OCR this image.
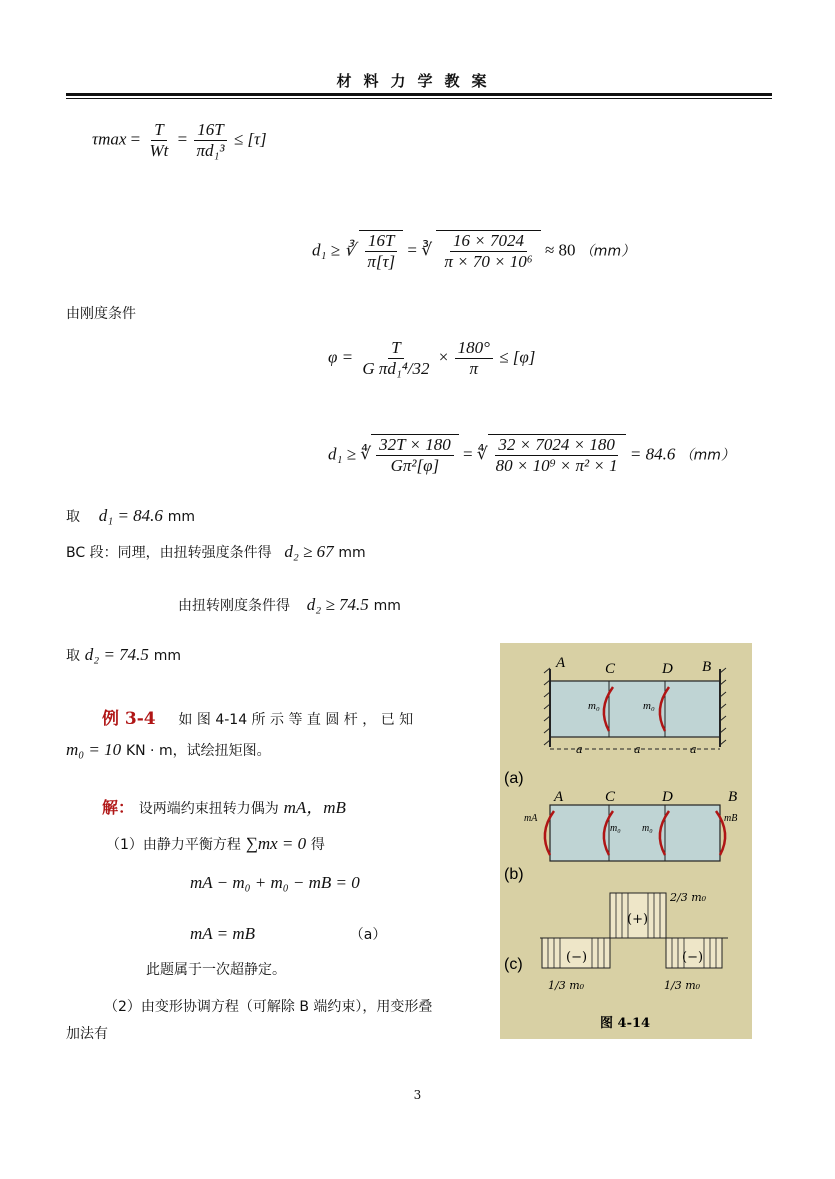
材料力学教案
$\tau\max = \frac{T}{Wt} = \frac{16T}{\text{πd₁³}} \le [\tau]$
d₁ ≥ ∛ $\frac{16T}{\pi[\tau]}$ = ∛ $\frac{16 \times 7024}{\text{π × 70 × 10⁶}} \approx 80$ （mm）
由刚度条件
$\varphi = \frac{T}{\text{G πd₁⁴/32}} \times \frac{180^\circ}{\pi} \le [\varphi]$
d₁ ≥ ∜ $\frac{32T \times 180}{\text{Gπ²[φ]}}$ = ∜ $\frac{32 \times 7024 \times 180}{\text{80 × 10⁹ × π² × 1}} = 84.6$ （mm）
取 d₁ = 84.6 mm
BC 段：同理，由扭转强度条件得 d₂ ≥ 67 mm
由扭转刚度条件得 d₂ ≥ 74.5 mm
取 d₂ = 74.5 mm
例 3-4 如 图 4-14 所 示 等 直 圆 杆 ， 已 知
m₀ = 10 KN · m，试绘扭矩图。
解： 设两端约束扭转力偶为 mA，mB
（1）由静力平衡方程 ∑mx = 0 得
mA − m₀ + m₀ − mB = 0
mA = mB	（a）
此题属于一次超静定。
（2）由变形协调方程（可解除 B 端约束），用变形叠
加法有
A	C	D B
m₀	m₀
a	a	a
(a)
A	C	D	B
mA	mB
m₀ m₀
(b)
(+)
(−)	(−)
2/3 m₀
1/3 m₀	1/3 m₀
(c)
图 4-14
3
